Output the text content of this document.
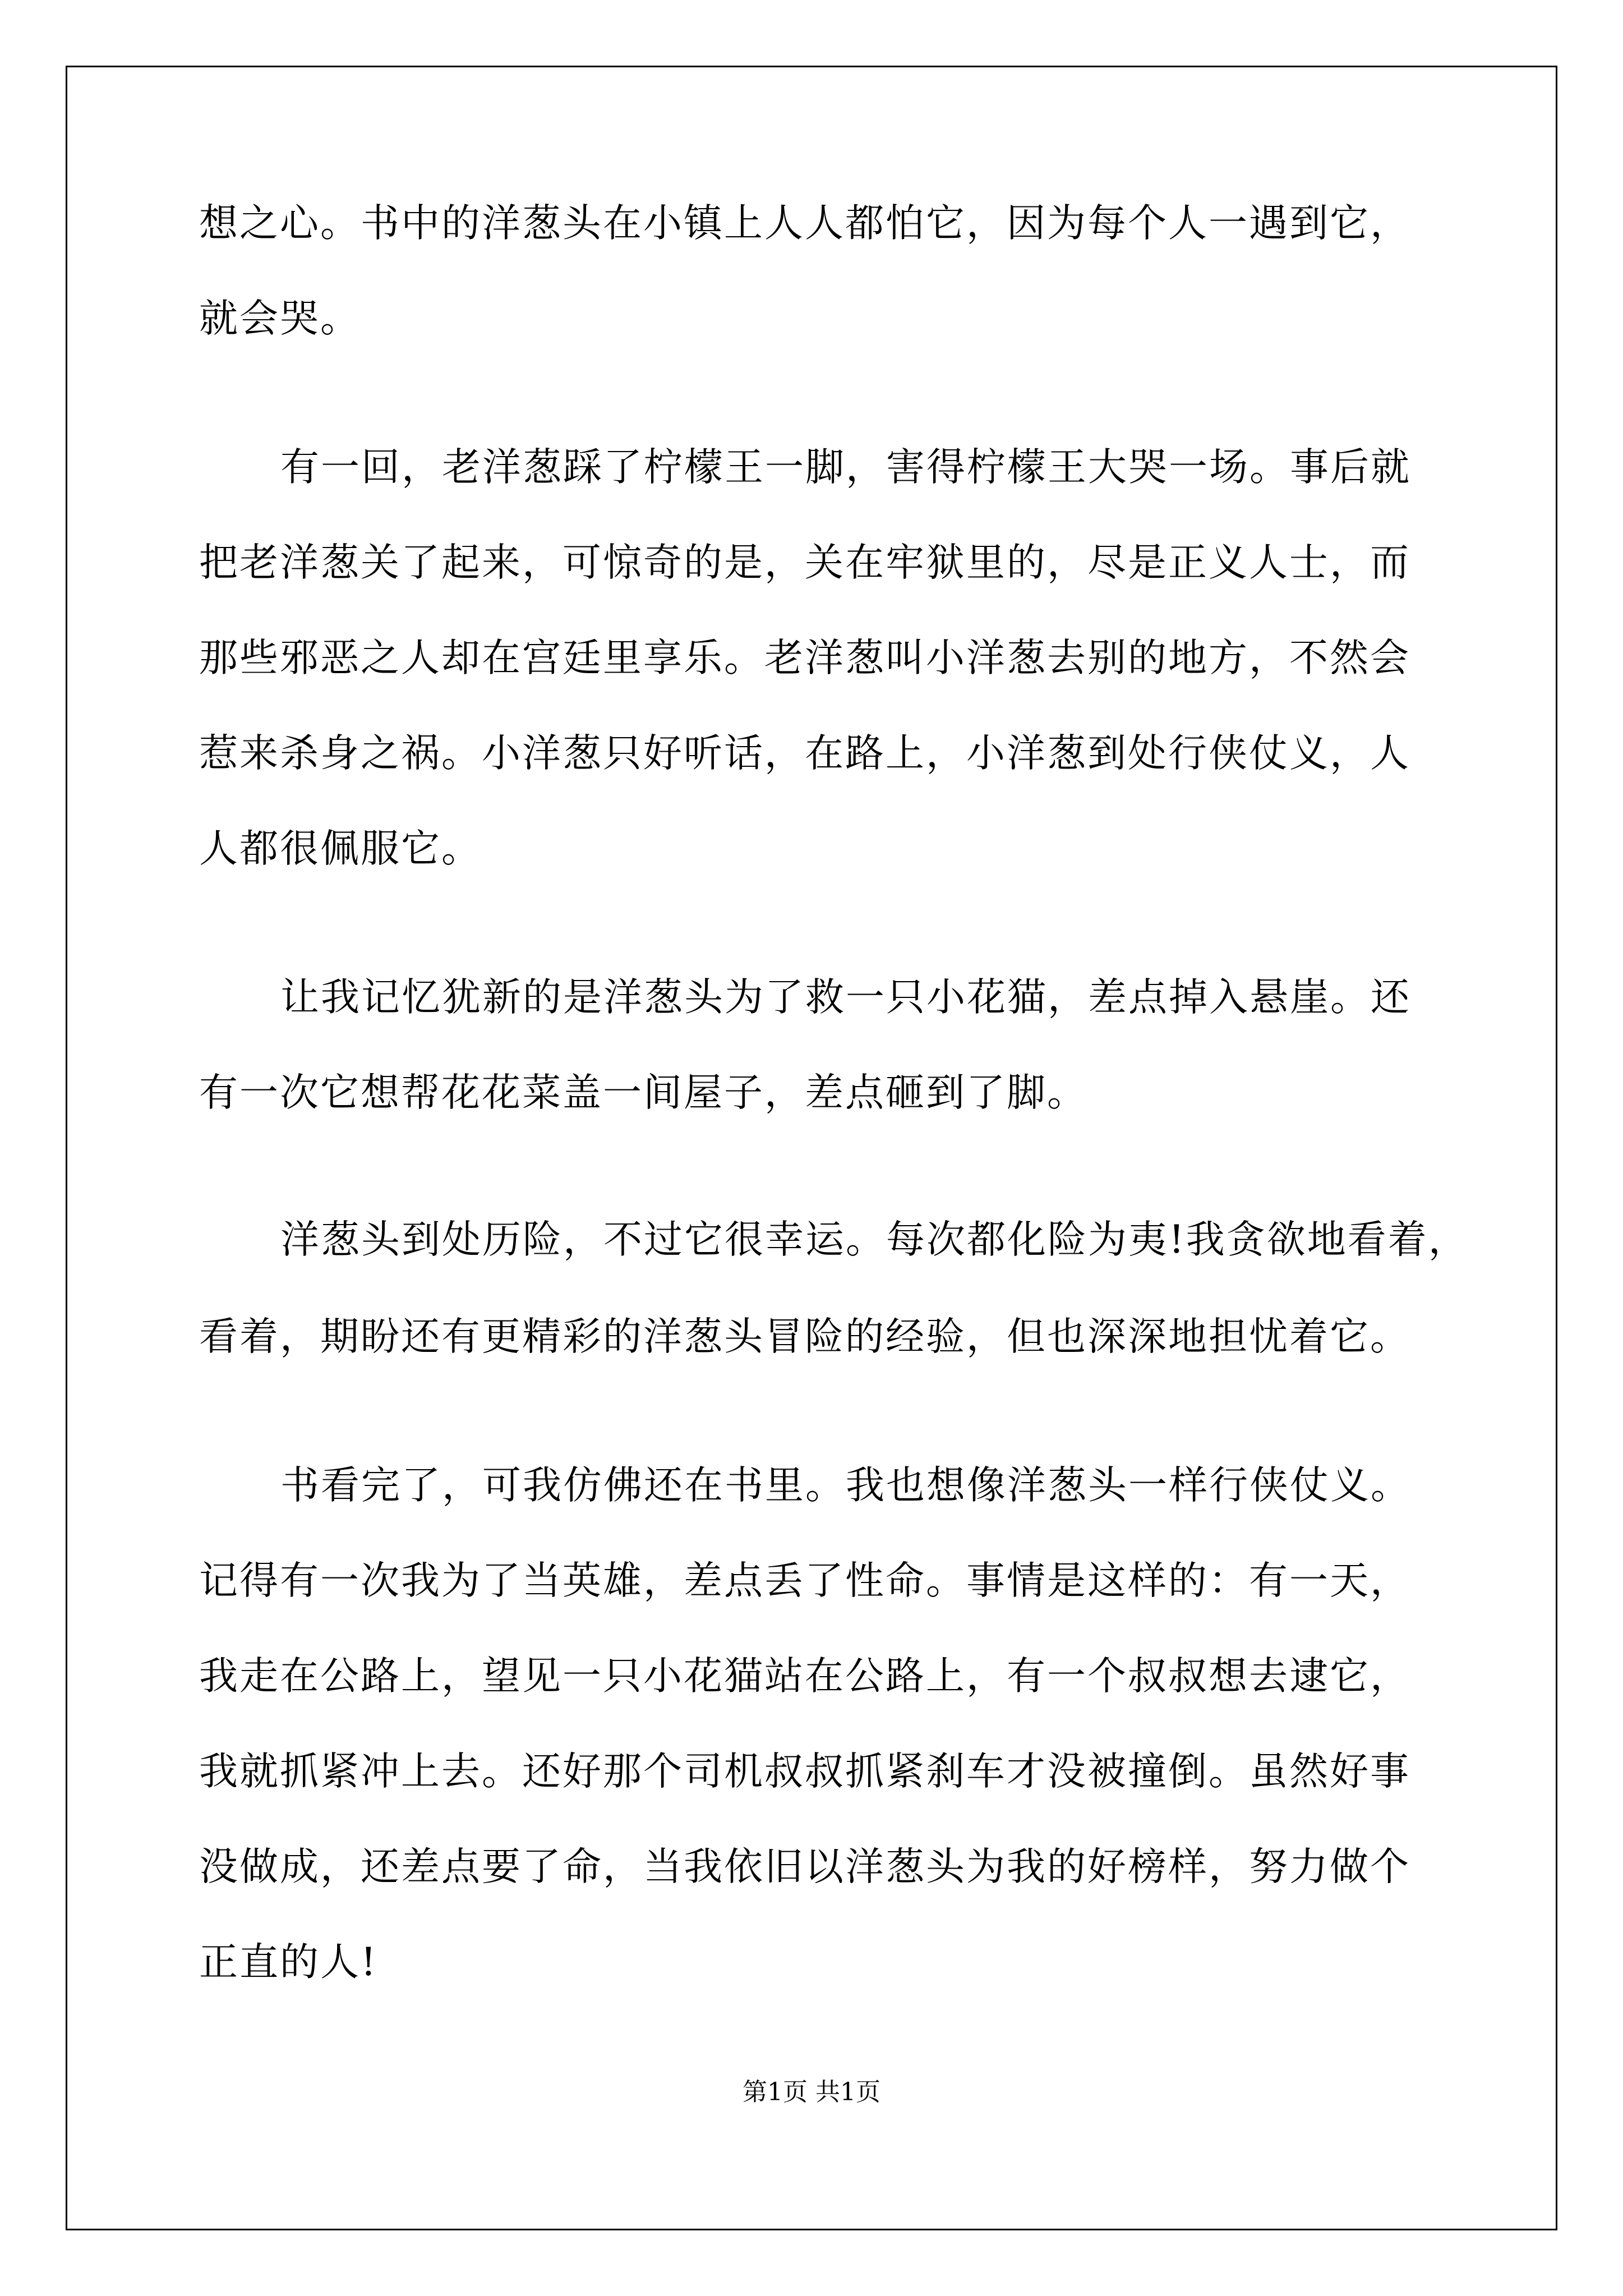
想之心。书中的洋葱头在小镇上人人都怕它，因为每个人一遇到它，
就会哭。
有一回，老洋葱踩了柠檬王一脚，害得柠檬王大哭一场。事后就
把老洋葱关了起来，可惊奇的是，关在牢狱里的，尽是正义人士，而
那些邪恶之人却在宫廷里享乐。老洋葱叫小洋葱去别的地方，不然会
惹来杀身之祸。小洋葱只好听话，在路上，小洋葱到处行侠仗义，人
人都很佩服它。
让我记忆犹新的是洋葱头为了救一只小花猫，差点掉入悬崖。还
有一次它想帮花花菜盖一间屋子，差点砸到了脚。
洋葱头到处历险，不过它很幸运。每次都化险为夷!我贪欲地看着，
看着，期盼还有更精彩的洋葱头冒险的经验，但也深深地担忧着它。
书看完了，可我仿佛还在书里。我也想像洋葱头一样行侠仗义。
记得有一次我为了当英雄，差点丢了性命。事情是这样的：有一天，
我走在公路上，望见一只小花猫站在公路上，有一个叔叔想去逮它，
我就抓紧冲上去。还好那个司机叔叔抓紧刹车才没被撞倒。虽然好事
没做成，还差点要了命，当我依旧以洋葱头为我的好榜样，努力做个
正直的人!
第1页 共1页
